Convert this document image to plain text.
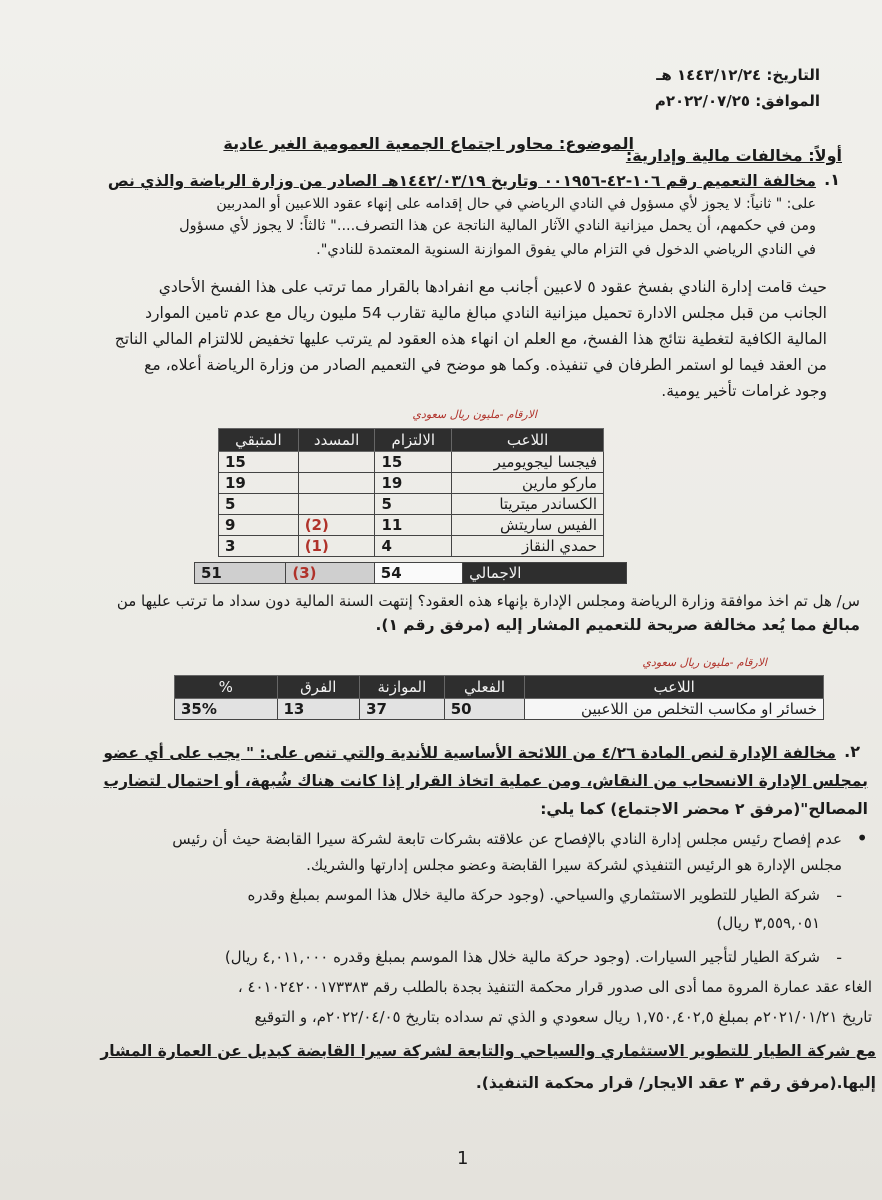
التاريخ: ١٤٤٣/١٢/٢٤ هـ
الموافق: ٢٠٢٢/٠٧/٢٥م
الموضوع: محاور اجتماع الجمعية العمومية الغير عادية
أولاً: مخالفات مالية وإدارية:
١.
مخالفة التعميم رقم ١٠٦-٤٢-٠٠١٩٥٦ وتاريخ ١٤٤٢/٠٣/١٩هـ الصادر من وزارة الرياضة والذي نص
على: " ثانياً: لا يجوز لأي مسؤول في النادي الرياضي في حال إقدامه على إنهاء عقود اللاعبين أو المدربين
ومن في حكمهم، أن يحمل ميزانية النادي الآثار المالية الناتجة عن هذا التصرف...." ثالثاً: لا يجوز لأي مسؤول
في النادي الرياضي الدخول في التزام مالي يفوق الموازنة السنوية المعتمدة للنادي".
حيث قامت إدارة النادي بفسخ عقود ٥ لاعبين أجانب مع انفرادها بالقرار مما ترتب على هذا الفسخ الأحادي
الجانب من قبل مجلس الادارة تحميل ميزانية النادي مبالغ مالية تقارب 54 مليون ريال مع عدم تامين الموارد
المالية الكافية لتغطية نتائج هذا الفسخ، مع العلم ان انهاء هذه العقود لم يترتب عليها تخفيض للالتزام المالي الناتج
من العقد فيما لو استمر الطرفان في تنفيذه. وكما هو موضح في التعميم الصادر من وزارة الرياضة أعلاه، مع
وجود غرامات تأخير يومية.
الارقام -مليون ريال سعودي
اللاعب	الالتزام	المسدد	المتبقي
فيجسا ليجويومير	15		15
ماركو مارين	19		19
الكساندر ميتريتا	5		5
الفيس ساريتش	11	(2)	9
حمدي النقاز	4	(1)	3
الاجمالي	54	(3)	51
س/ هل تم اخذ موافقة وزارة الرياضة ومجلس الإدارة بإنهاء هذه العقود؟ إنتهت السنة المالية دون سداد ما ترتب عليها من
مبالغ مما يُعد مخالفة صريحة للتعميم المشار إليه (مرفق رقم ١).
الارقام -مليون ريال سعودي
اللاعب	الفعلي	الموازنة	الفرق	%
خسائر او مكاسب التخلص من اللاعبين	50	37	13	35%
٢.
مخالفة الإدارة لنص المادة ٤/٢٦ من اللائحة الأساسية للأندية والتي تنص على: " يجب على أي عضو
بمجلس الإدارة الانسحاب من النقاش، ومن عملية اتخاذ القرار إذا كانت هناك شُبهة، أو احتمال لتضارب
المصالح"(مرفق ٢ محضر الاجتماع) كما يلي:
•
عدم إفصاح رئيس مجلس إدارة النادي بالإفصاح عن علاقته بشركات تابعة لشركة سيرا القابضة حيث أن رئيس
مجلس الإدارة هو الرئيس التنفيذي لشركة سيرا القابضة وعضو مجلس إدارتها والشريك.
-
شركة الطيار للتطوير الاستثماري والسياحي. (وجود حركة مالية خلال هذا الموسم بمبلغ وقدره
٣,٥٥٩,٠٥١ ريال)
-
شركة الطيار لتأجير السيارات. (وجود حركة مالية خلال هذا الموسم بمبلغ وقدره ٤,٠١١,٠٠٠ ريال)
الغاء عقد عمارة المروة مما أدى الى صدور قرار محكمة التنفيذ بجدة بالطلب رقم ٤٠١٠٢٤٢٠٠١٧٣٣٨٣ ،
تاريخ ٢٠٢١/٠١/٢١م بمبلغ ١,٧٥٠,٤٠٢,٥ ريال سعودي و الذي تم سداده بتاريخ ٢٠٢٢/٠٤/٠٥م، و التوقيع
مع شركة الطيار للتطوير الاستثماري والسياحي والتابعة لشركة سيرا القابضة كبديل عن العمارة المشار
إليها.(مرفق رقم ٣ عقد الايجار/ قرار محكمة التنفيذ).
1
